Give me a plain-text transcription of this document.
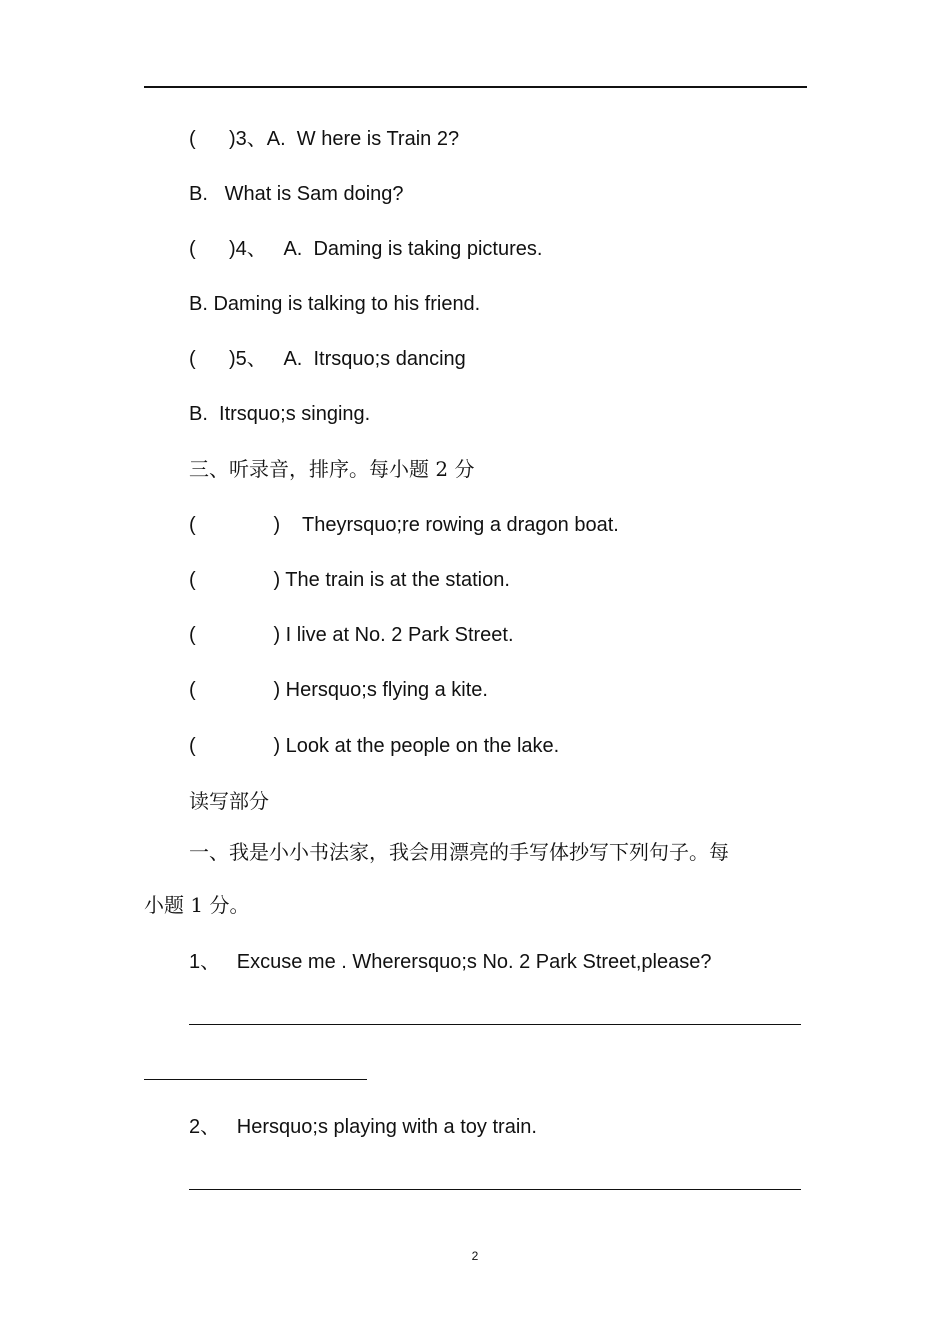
(      )3、A.  W here is Train 2?
B.   What is Sam doing?
(      )4、   A.  Daming is taking pictures.
B. Daming is talking to his friend.
(      )5、   A.  Itrsquo;s dancing
B.  Itrsquo;s singing.
三、听录音，排序。每小题 2 分
(              )    Theyrsquo;re rowing a dragon boat.
(              ) The train is at the station.
(              ) I live at No. 2 Park Street.
(              ) Hersquo;s flying a kite.
(              ) Look at the people on the lake.
读写部分
一、我是小小书法家，我会用漂亮的手写体抄写下列句子。每
小题 1 分。
1、   Excuse me . Wherersquo;s No. 2 Park Street,please?
2、   Hersquo;s playing with a toy train.
2
